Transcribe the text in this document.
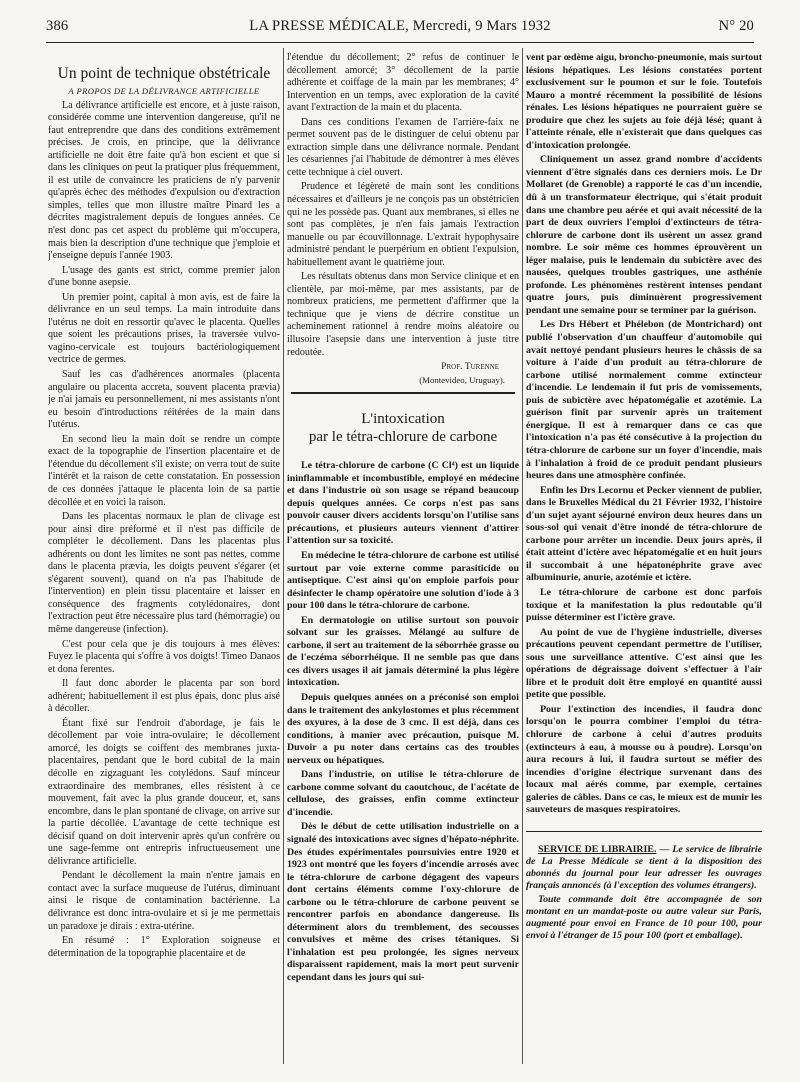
386	LA PRESSE MÉDICALE, Mercredi, 9 Mars 1932	N° 20

Un point de technique obstétricale

A PROPOS DE LA DÉLIVRANCE ARTIFICIELLE

La délivrance artificielle est encore, et à juste raison, considérée comme une intervention dangereuse, qu'il ne faut entreprendre que dans des conditions extrêmement précises. Je crois, en principe, que la délivrance artificielle ne doit être faite qu'à bon escient et que si dans les cliniques on peut la pratiquer plus fréquemment, il est utile de convaincre les praticiens de n'y parvenir qu'après échec des méthodes d'expulsion ou d'extraction simples, telles que mon illustre maître Pinard les a décrites magistralement depuis de longues années. Ce n'est donc pas cet aspect du problème qui m'occupera, mais bien la description d'une technique que j'emploie et j'enseigne depuis l'année 1903.

L'usage des gants est strict, comme premier jalon d'une bonne asepsie.

Un premier point, capital à mon avis, est de faire la délivrance en un seul temps. La main introduite dans l'utérus ne doit en ressortir qu'avec le placenta. Quelles que soient les précautions prises, la traversée vulvo-vagino-cervicale est toujours bactériologiquement vectrice de germes.

Sauf les cas d'adhérences anormales (placenta angulaire ou placenta accreta, souvent placenta prævia) je n'ai jamais eu personnellement, ni mes assistants n'ont eu besoin d'introductions réitérées de la main dans l'utérus.

En second lieu la main doit se rendre un compte exact de la topographie de l'insertion placentaire et de l'étendue du décollement s'il existe; on verra tout de suite l'intérêt et la raison de cette constatation. En possession de ces données j'attaque le placenta loin de sa partie décollée et en voici la raison.

Dans les placentas normaux le plan de clivage est pour ainsi dire préformé et il n'est pas difficile de compléter le décollement. Dans les placentas plus adhérents ou dont les limites ne sont pas nettes, comme dans le placenta prævia, les doigts peuvent s'égarer (et s'égarent souvent), quand on n'a pas l'habitude de l'intervention) en plein tissu placentaire et laisser en conséquence des fragments cotylédonaires, dont l'extraction peut être nécessaire plus tard (hémorragie) ou même dangereuse (infection).

C'est pour cela que je dis toujours à mes élèves: Fuyez le placenta qui s'offre à vos doigts! Timeo Danaos et dona ferentes.

Il faut donc aborder le placenta par son bord adhérent; habituellement il est plus épais, donc plus aisé à décoller.

Étant fixé sur l'endroit d'abordage, je fais le décollement par voie intra-ovulaire; le décollement amorcé, les doigts se coiffent des membranes juxta-placentaires, pendant que le bord cubital de la main décolle en zigzaguant les cotylédons. Sauf minceur extraordinaire des membranes, elles résistent à ce mouvement, fait avec la plus grande douceur, et, sans encombre, dans le plan spontané de clivage, on arrive sur la partie décollée. L'avantage de cette technique est décisif quand on doit intervenir après qu'un confrère ou une sage-femme ont entrepris infructueusement une délivrance artificielle.

Pendant le décollement la main n'entre jamais en contact avec la surface muqueuse de l'utérus, diminuant ainsi le risque de contamination bactérienne. La délivrance est donc intra-ovulaire et si je me permettais un paradoxe je dirais : extra-utérine.

En résumé : 1° Exploration soigneuse et détermination de la topographie placentaire et de

l'étendue du décollement; 2° refus de continuer le décollement amorcé; 3° décollement de la partie adhérente et coiffage de la main par les membranes; 4° Intervention en un temps, avec exploration de la cavité avant l'extraction de la main et du placenta.

Dans ces conditions l'examen de l'arrière-faix ne permet souvent pas de le distinguer de celui obtenu par extraction simple dans une délivrance normale. Pendant les césariennes j'ai l'habitude de démontrer à mes élèves cette technique à ciel ouvert.

Prudence et légèreté de main sont les conditions nécessaires et d'ailleurs je ne conçois pas un obstétricien qui ne les possède pas. Quant aux membranes, si elles ne sont pas complètes, je n'en fais jamais l'extraction manuelle ou par écouvillonnage. L'extrait hypophysaire administré pendant le puerpérium en obtient l'expulsion, habituellement avant le quatrième jour.

Les résultats obtenus dans mon Service clinique et en clientèle, par moi-même, par mes assistants, par de nombreux praticiens, me permettent d'affirmer que la technique que je viens de décrire constitue un acheminement rationnel à rendre moins aléatoire ou illusoire l'asepsie dans une intervention à juste titre redoutée.

Prof. Turenne

(Montevideo, Uruguay).

L'intoxication
par le tétra-chlorure de carbone

Le tétra-chlorure de carbone (C Cl⁴) est un liquide ininflammable et incombustible, employé en médecine et dans l'industrie où son usage se répand beaucoup depuis quelques années. Ce corps n'est pas sans pouvoir causer divers accidents lorsqu'on l'utilise sans précautions, et plusieurs auteurs viennent d'attirer l'attention sur sa toxicité.

En médecine le tétra-chlorure de carbone est utilisé surtout par voie externe comme parasiticide ou antiseptique. C'est ainsi qu'on emploie parfois pour désinfecter le champ opératoire une solution d'iode à 3 pour 100 dans le tétra-chlorure de carbone.

En dermatologie on utilise surtout son pouvoir solvant sur les graisses. Mélangé au sulfure de carbone, il sert au traitement de la séborrhée grasse ou de l'eczéma séborrhéique. Il ne semble pas que dans ces divers usages il ait jamais déterminé la plus légère intoxication.

Depuis quelques années on a préconisé son emploi dans le traitement des ankylostomes et plus récemment des oxyures, à la dose de 3 cmc. Il est déjà, dans ces conditions, à manier avec précaution, puisque M. Duvoir a pu noter dans certains cas des troubles nerveux ou hépatiques.

Dans l'industrie, on utilise le tétra-chlorure de carbone comme solvant du caoutchouc, de l'acétate de cellulose, des graisses, enfin comme extincteur d'incendie.

Dès le début de cette utilisation industrielle on a signalé des intoxications avec signes d'hépato-néphrite. Des études expérimentales poursuivies entre 1920 et 1923 ont montré que les foyers d'incendie arrosés avec le tétra-chlorure de carbone dégagent des vapeurs dont certains éléments comme l'oxy-chlorure de carbone ou le tétra-chlorure de carbone peuvent se rencontrer parfois en abondance dangereuse. Ils déterminent alors du tremblement, des secousses convulsives et même des crises tétaniques. Si l'inhalation est peu prolongée, les signes nerveux disparaissent rapidement, mais la mort peut survenir cependant dans les jours qui sui-

vent par œdème aigu, broncho-pneumonie, mais surtout lésions hépatiques. Les lésions constatées portent exclusivement sur le poumon et sur le foie. Toutefois Mauro a montré récemment la possibilité de lésions rénales. Les lésions hépatiques ne pourraient guère se produire que chez les sujets au foie déjà lésé; quant à l'atteinte rénale, elle n'existerait que dans quelques cas d'intoxication prolongée.

Cliniquement un assez grand nombre d'accidents viennent d'être signalés dans ces derniers mois. Le Dr Mollaret (de Grenoble) a rapporté le cas d'un incendie, dû à un transformateur électrique, qui s'était produit dans une chambre peu aérée et qui avait nécessité de la part de deux ouvriers l'emploi d'extincteurs de tétra-chlorure de carbone dont ils usèrent un assez grand nombre. Le soir même ces hommes éprouvèrent un léger malaise, puis le lendemain du subictère avec des nausées, quelques troubles gastriques, une asthénie profonde. Les phénomènes restèrent intenses pendant quatre jours, puis diminuèrent progressivement pendant une semaine pour se terminer par la guérison.

Les Drs Hébert et Phélebon (de Montrichard) ont publié l'observation d'un chauffeur d'automobile qui avait nettoyé pendant plusieurs heures le châssis de sa voiture à l'aide d'un produit au tétra-chlorure de carbone utilisé normalement comme extincteur d'incendie. Le lendemain il fut pris de vomissements, puis de subictère avec hépatomégalie et azotémie. La guérison finit par survenir après un traitement énergique. Il est à remarquer dans ce cas que l'intoxication n'a pas été consécutive à la projection du tétra-chlorure de carbone sur un foyer d'incendie, mais à l'inhalation à froid de ce produit pendant plusieurs heures dans une atmosphère confinée.

Enfin les Drs Lecornu et Pecker viennent de publier, dans le Bruxelles Médical du 21 Février 1932, l'histoire d'un sujet ayant séjourné environ deux heures dans un sous-sol qui venait d'être inondé de tétra-chlorure de carbone pour arrêter un incendie. Deux jours après, il était atteint d'ictère avec hépatomégalie et en huit jours il succombait à une hépatonéphrite grave avec albuminurie, anurie, azotémie et ictère.

Le tétra-chlorure de carbone est donc parfois toxique et la manifestation la plus redoutable qu'il puisse déterminer est l'ictère grave.

Au point de vue de l'hygiène industrielle, diverses précautions peuvent cependant permettre de l'utiliser, sous une surveillance attentive. C'est ainsi que les opérations de dégraissage doivent s'effectuer à l'air libre et le produit doit être employé en quantité aussi petite que possible.

Pour l'extinction des incendies, il faudra donc lorsqu'on le pourra combiner l'emploi du tétra-chlorure de carbone à celui d'autres produits (extincteurs à eau, à mousse ou à poudre). Lorsqu'on aura recours à lui, il faudra surtout se méfier des incendies d'origine électrique survenant dans des locaux mal aérés comme, par exemple, certaines galeries de câbles. Dans ce cas, le mieux est de munir les sauveteurs de masques respiratoires.

SERVICE DE LIBRAIRIE. — Le service de librairie de La Presse Médicale se tient à la disposition des abonnés du journal pour leur adresser les ouvrages français annoncés (à l'exception des volumes étrangers).

Toute commande doit être accompagnée de son montant en un mandat-poste ou autre valeur sur Paris, augmenté pour envoi en France de 10 pour 100, pour envoi à l'étranger de 15 pour 100 (port et emballage).
